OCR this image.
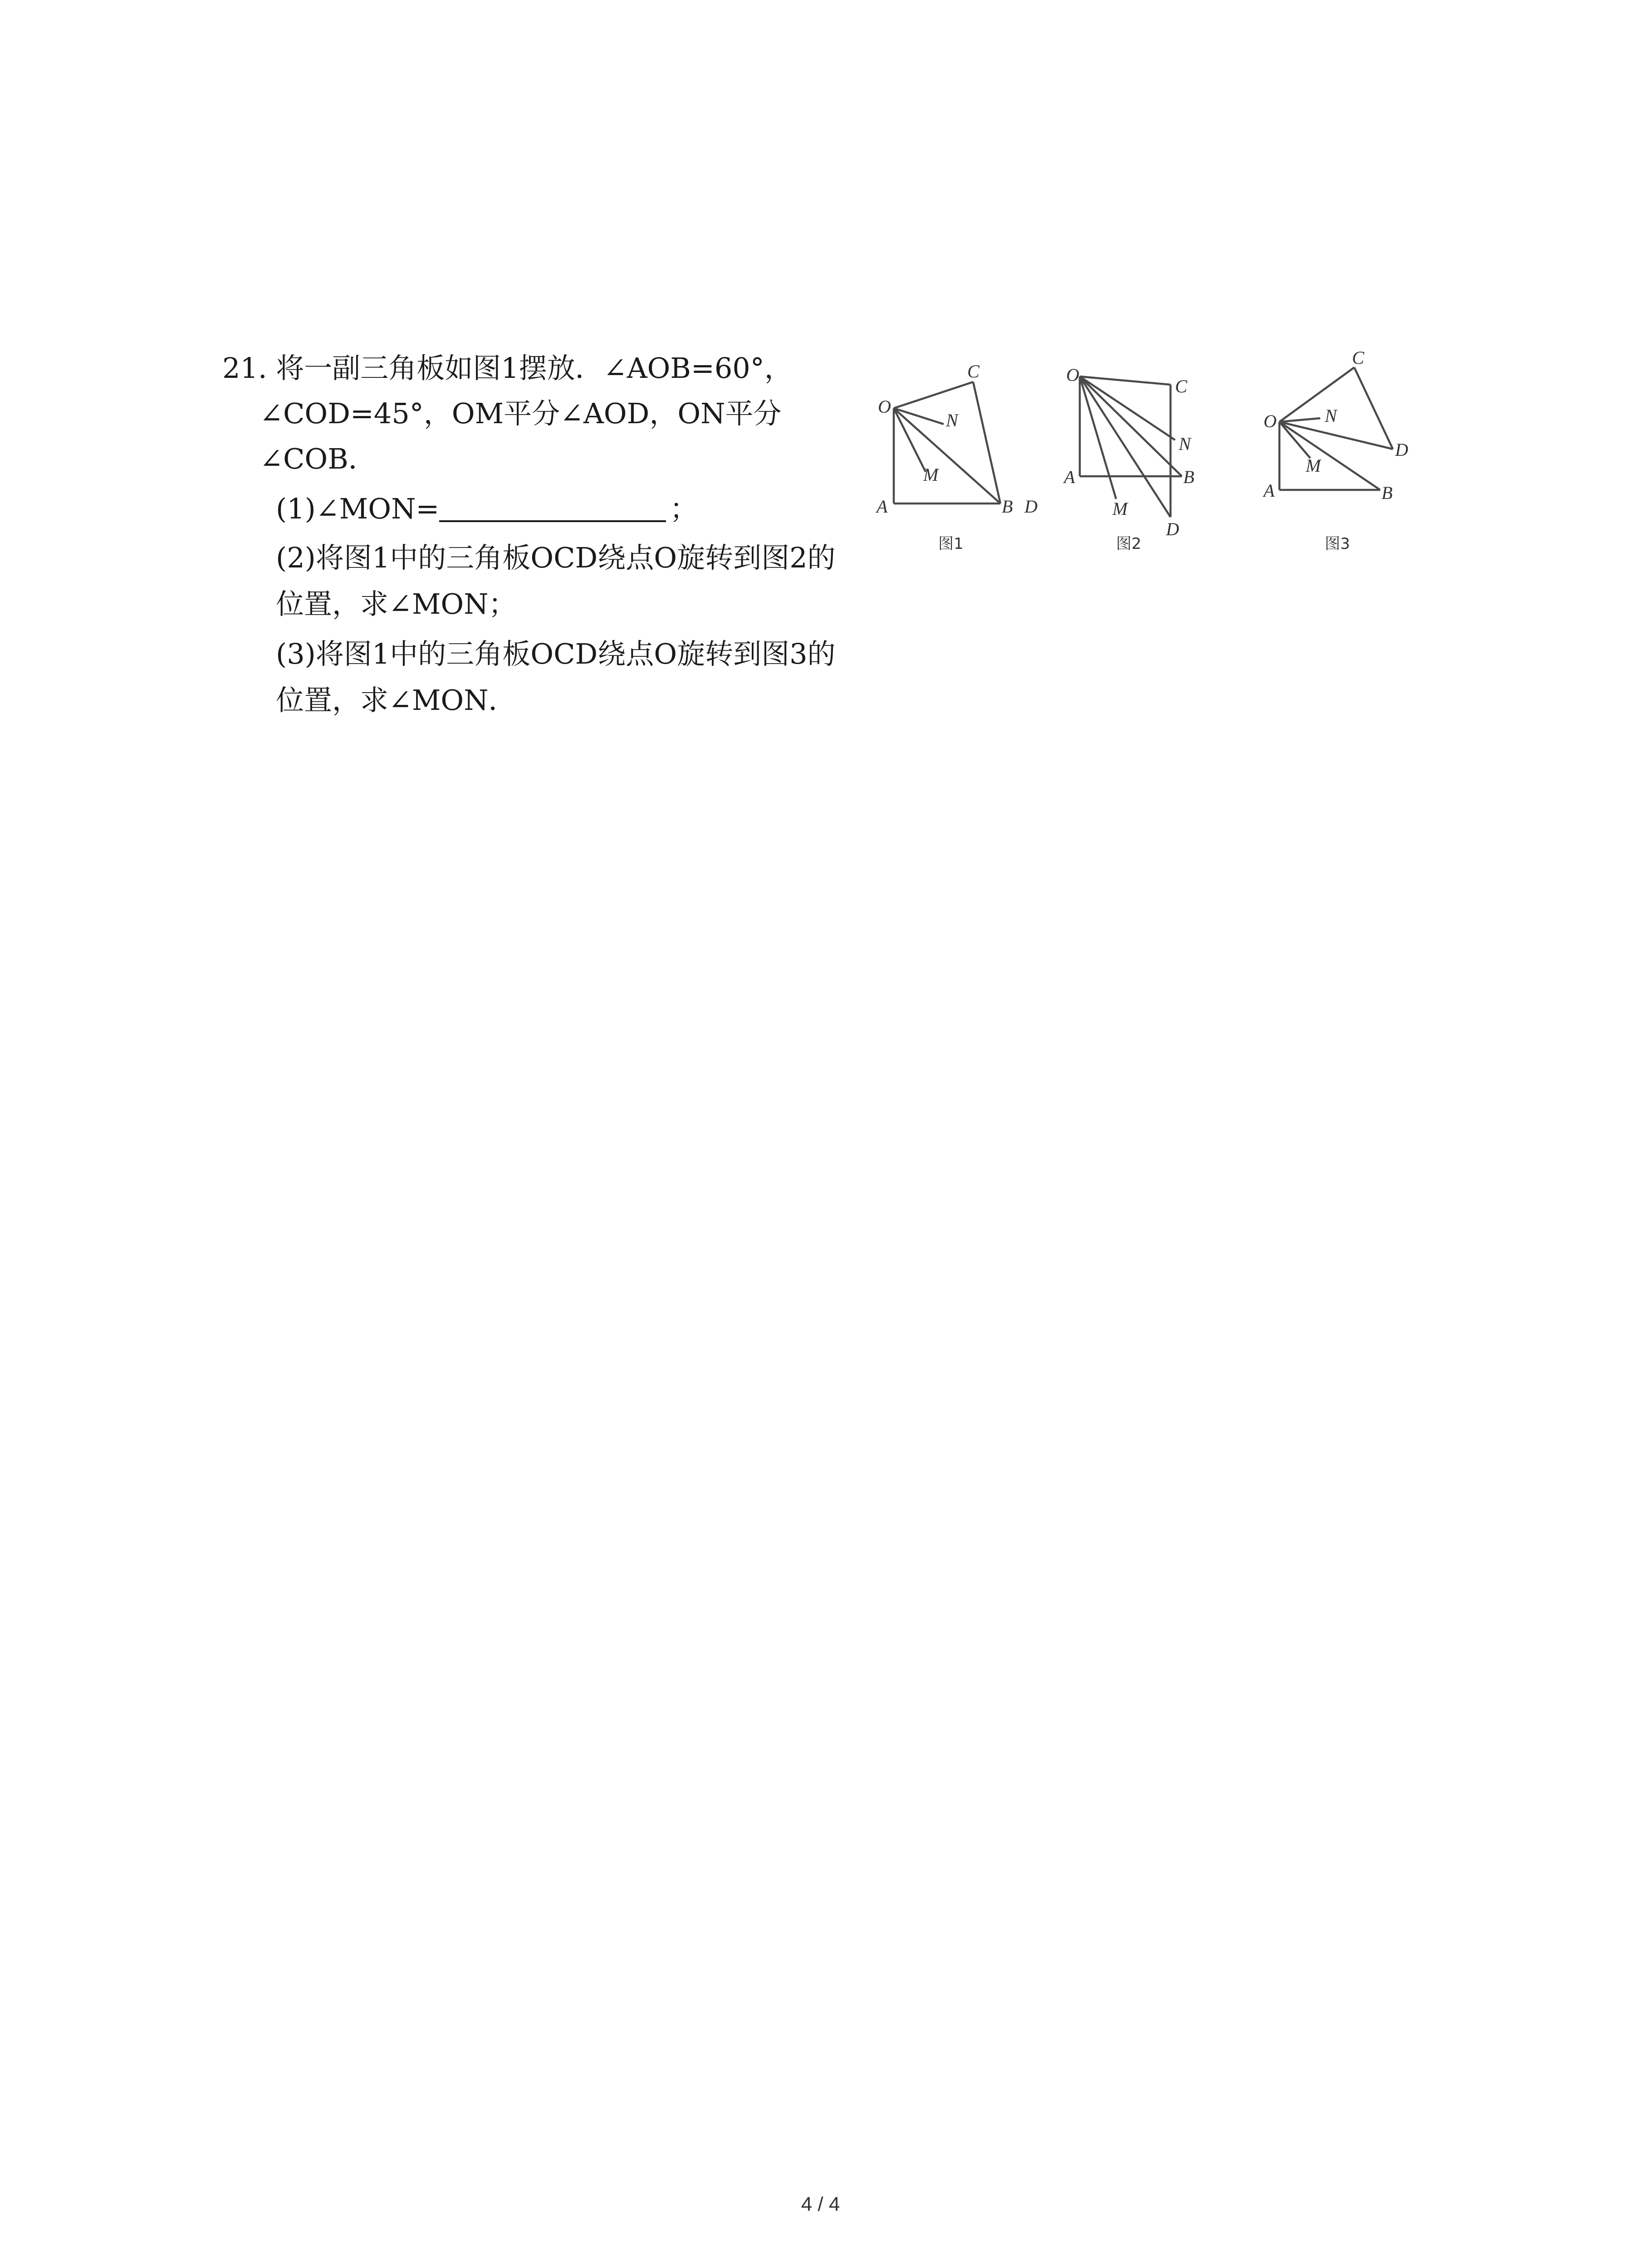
21. 将一副三角板如图1摆放．∠AOB=60°，
∠COD=45°，OM平分∠AOD，ON平分
∠COB．
(1)∠MON=	；
(2)将图1中的三角板OCD绕点O旋转到图2的
位置，求∠MON；
(3)将图1中的三角板OCD绕点O旋转到图3的
位置，求∠MON．
O
A	B D
C
M
N
图1
O
A	B
C
D
M
N
图2
O
A	B
C
D
M
N
图3
4 / 4
